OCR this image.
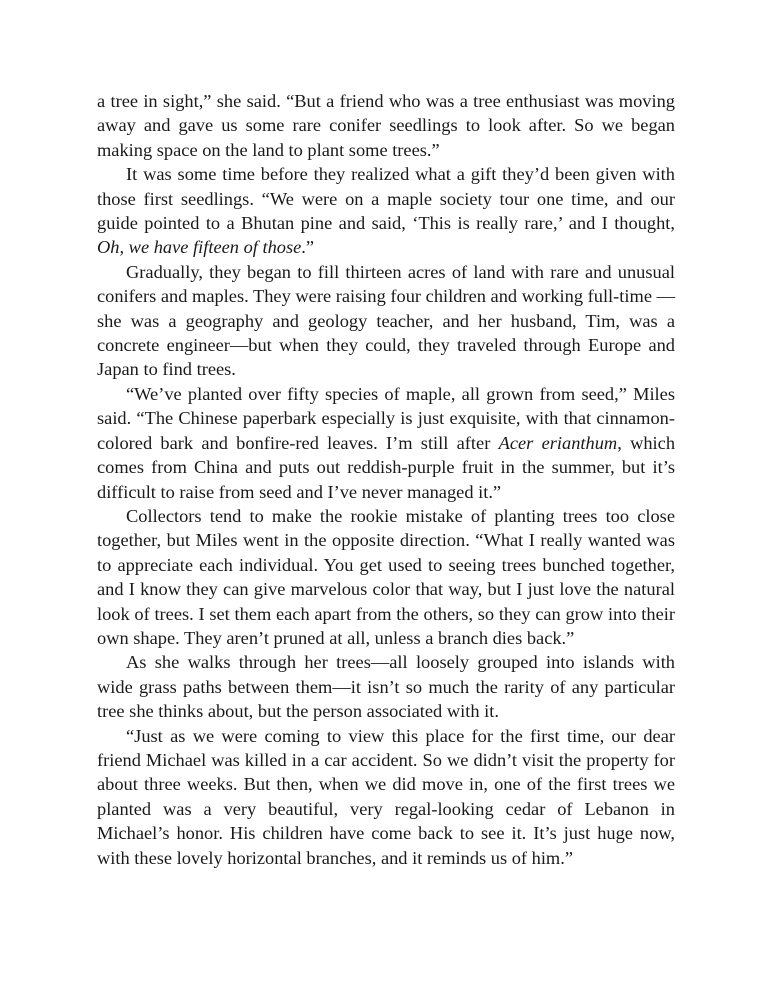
a tree in sight,” she said. “But a friend who was a tree enthusiast was moving away and gave us some rare conifer seedlings to look after. So we began making space on the land to plant some trees.”

It was some time before they realized what a gift they’d been given with those first seedlings. “We were on a maple society tour one time, and our guide pointed to a Bhutan pine and said, ‘This is really rare,’ and I thought, Oh, we have fifteen of those.”

Gradually, they began to fill thirteen acres of land with rare and unusual conifers and maples. They were raising four children and working full-time —she was a geography and geology teacher, and her husband, Tim, was a concrete engineer—but when they could, they traveled through Europe and Japan to find trees.

“We’ve planted over fifty species of maple, all grown from seed,” Miles said. “The Chinese paperbark especially is just exquisite, with that cinnamon-colored bark and bonfire-red leaves. I’m still after Acer erianthum, which comes from China and puts out reddish-purple fruit in the summer, but it’s difficult to raise from seed and I’ve never managed it.”

Collectors tend to make the rookie mistake of planting trees too close together, but Miles went in the opposite direction. “What I really wanted was to appreciate each individual. You get used to seeing trees bunched together, and I know they can give marvelous color that way, but I just love the natural look of trees. I set them each apart from the others, so they can grow into their own shape. They aren’t pruned at all, unless a branch dies back.”

As she walks through her trees—all loosely grouped into islands with wide grass paths between them—it isn’t so much the rarity of any particular tree she thinks about, but the person associated with it.

“Just as we were coming to view this place for the first time, our dear friend Michael was killed in a car accident. So we didn’t visit the property for about three weeks. But then, when we did move in, one of the first trees we planted was a very beautiful, very regal-looking cedar of Lebanon in Michael’s honor. His children have come back to see it. It’s just huge now, with these lovely horizontal branches, and it reminds us of him.”
